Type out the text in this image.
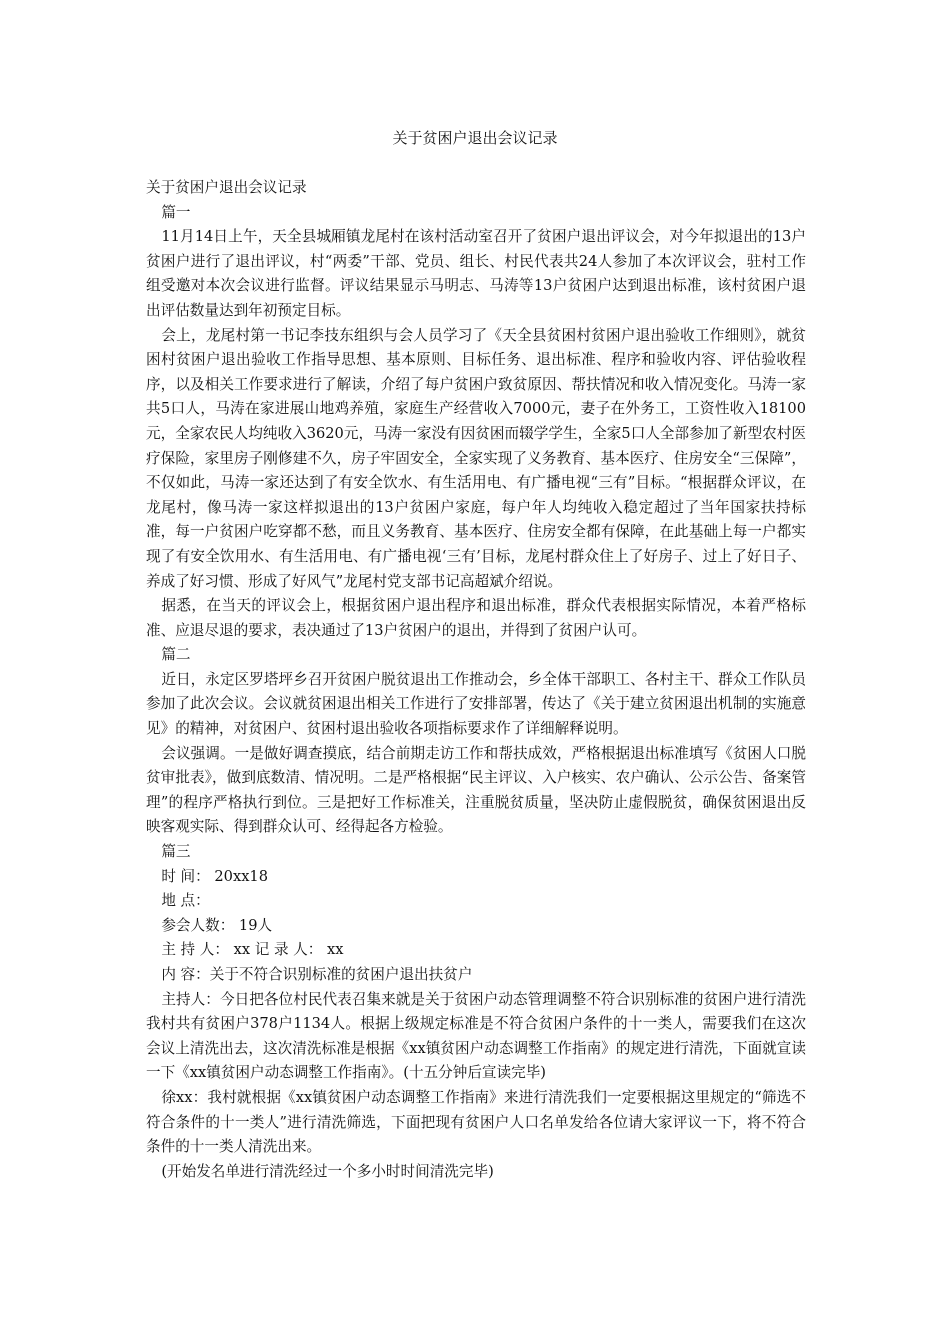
关于贫困户退出会议记录

关于贫困户退出会议记录

篇一

11月14日上午，天全县城厢镇龙尾村在该村活动室召开了贫困户退出评议会，对今年拟退出的13户贫困户进行了退出评议，村“两委”干部、党员、组长、村民代表共24人参加了本次评议会，驻村工作组受邀对本次会议进行监督。评议结果显示马明志、马涛等13户贫困户达到退出标准，该村贫困户退出评估数量达到年初预定目标。

会上，龙尾村第一书记李技东组织与会人员学习了《天全县贫困村贫困户退出验收工作细则》，就贫困村贫困户退出验收工作指导思想、基本原则、目标任务、退出标准、程序和验收内容、评估验收程序，以及相关工作要求进行了解读，介绍了每户贫困户致贫原因、帮扶情况和收入情况变化。马涛一家共5口人，马涛在家进展山地鸡养殖，家庭生产经营收入7000元，妻子在外务工，工资性收入18100元，全家农民人均纯收入3620元，马涛一家没有因贫困而辍学学生，全家5口人全部参加了新型农村医疗保险，家里房子刚修建不久，房子牢固安全，全家实现了义务教育、基本医疗、住房安全“三保障”，不仅如此，马涛一家还达到了有安全饮水、有生活用电、有广播电视“三有”目标。“根据群众评议，在龙尾村，像马涛一家这样拟退出的13户贫困户家庭，每户年人均纯收入稳定超过了当年国家扶持标准，每一户贫困户吃穿都不愁，而且义务教育、基本医疗、住房安全都有保障，在此基础上每一户都实现了有安全饮用水、有生活用电、有广播电视‘三有’目标，龙尾村群众住上了好房子、过上了好日子、养成了好习惯、形成了好风气”龙尾村党支部书记高超斌介绍说。

据悉，在当天的评议会上，根据贫困户退出程序和退出标准，群众代表根据实际情况，本着严格标准、应退尽退的要求，表决通过了13户贫困户的退出，并得到了贫困户认可。

篇二

近日，永定区罗塔坪乡召开贫困户脱贫退出工作推动会，乡全体干部职工、各村主干、群众工作队员参加了此次会议。会议就贫困退出相关工作进行了安排部署，传达了《关于建立贫困退出机制的实施意见》的精神，对贫困户、贫困村退出验收各项指标要求作了详细解释说明。

会议强调。一是做好调查摸底，结合前期走访工作和帮扶成效，严格根据退出标准填写《贫困人口脱贫审批表》，做到底数清、情况明。二是严格根据“民主评议、入户核实、农户确认、公示公告、备案管理”的程序严格执行到位。三是把好工作标准关，注重脱贫质量，坚决防止虚假脱贫，确保贫困退出反映客观实际、得到群众认可、经得起各方检验。

篇三

时 间： 20xx18

地 点：

参会人数： 19人

主 持 人： xx 记 录 人： xx

内 容：关于不符合识别标准的贫困户退出扶贫户

主持人：今日把各位村民代表召集来就是关于贫困户动态管理调整不符合识别标准的贫困户进行清洗我村共有贫困户378户1134人。根据上级规定标准是不符合贫困户条件的十一类人，需要我们在这次会议上清洗出去，这次清洗标准是根据《xx镇贫困户动态调整工作指南》的规定进行清洗，下面就宣读一下《xx镇贫困户动态调整工作指南》。(十五分钟后宣读完毕)

徐xx：我村就根据《xx镇贫困户动态调整工作指南》来进行清洗我们一定要根据这里规定的“筛选不符合条件的十一类人”进行清洗筛选，下面把现有贫困户人口名单发给各位请大家评议一下，将不符合条件的十一类人清洗出来。

(开始发名单进行清洗经过一个多小时时间清洗完毕)
